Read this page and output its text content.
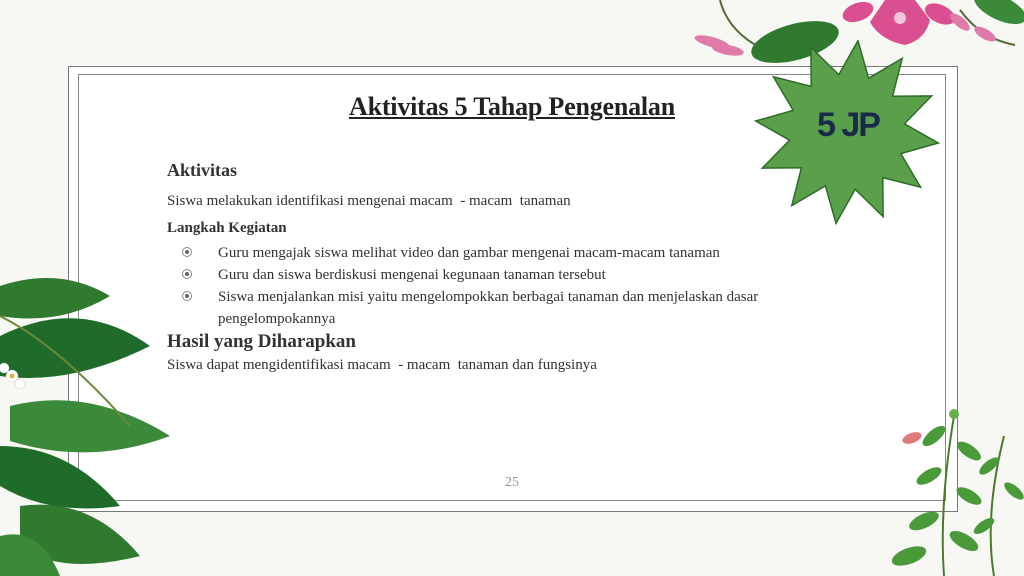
5 JP
Aktivitas 5 Tahap Pengenalan
Aktivitas
Siswa melakukan identifikasi mengenai macam  - macam  tanaman
Langkah Kegiatan
Guru mengajak siswa melihat video dan gambar mengenai macam-macam tanaman
Guru dan siswa berdiskusi mengenai kegunaan tanaman tersebut
Siswa menjalankan misi yaitu mengelompokkan berbagai tanaman dan menjelaskan dasar pengelompokannya
Hasil yang Diharapkan
Siswa dapat mengidentifikasi macam  - macam  tanaman dan fungsinya
25
